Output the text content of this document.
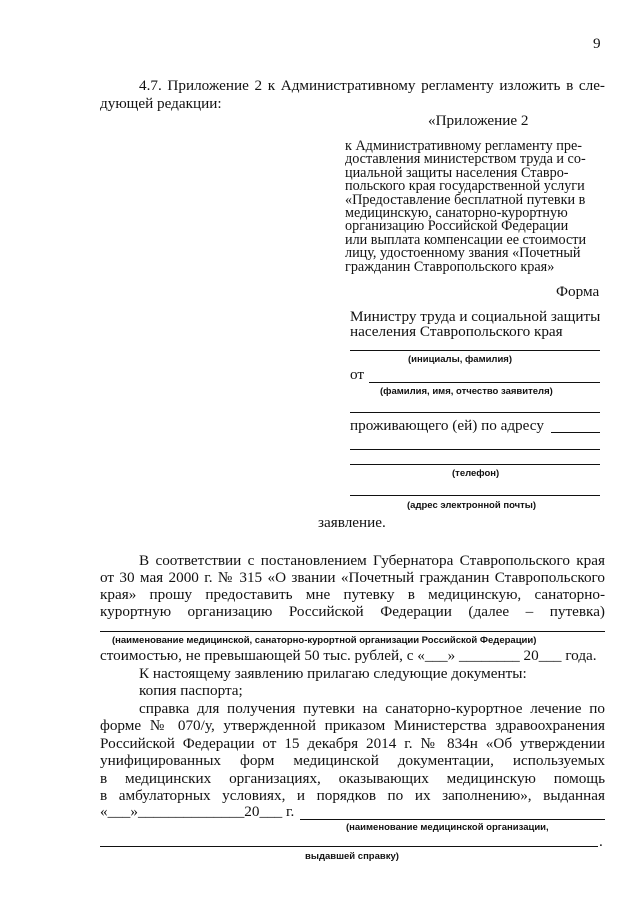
9
4.7. Приложение 2 к Административному регламенту изложить в сле-
дующей редакции:
«Приложение 2
к Административному регламенту пре-
доставления министерством труда и со-
циальной защиты населения Ставро-
польского края государственной услуги
«Предоставление бесплатной путевки в
медицинскую, санаторно-курортную
организацию Российской Федерации
или выплата компенсации ее стоимости
лицу, удостоенному звания «Почетный
гражданин Ставропольского края»
Форма
Министру труда и социальной защиты
населения Ставропольского края
(инициалы, фамилия)
от
(фамилия, имя, отчество заявителя)
проживающего (ей) по адресу
(телефон)
(адрес электронной почты)
заявление.
В соответствии с постановлением Губернатора Ставропольского края
от 30 мая 2000 г. № 315 «О звании «Почетный гражданин Ставропольского
края» прошу предоставить мне путевку в медицинскую, санаторно-
курортную организацию Российской Федерации (далее – путевка)
(наименование медицинской, санаторно-курортной организации Российской Федерации)
стоимостью, не превышающей 50 тыс. рублей, с «___» ________ 20___ года.
К настоящему заявлению прилагаю следующие документы:
копия паспорта;
справка для получения путевки на санаторно-курортное лечение по
форме № 070/у, утвержденной приказом Министерства здравоохранения
Российской Федерации от 15 декабря 2014 г. № 834н «Об утверждении
унифицированных форм медицинской документации, используемых
в медицинских организациях, оказывающих медицинскую помощь
в амбулаторных условиях, и порядков по их заполнению», выданная
«___»______________20___ г.
(наименование медицинской организации,
.
выдавшей справку)
